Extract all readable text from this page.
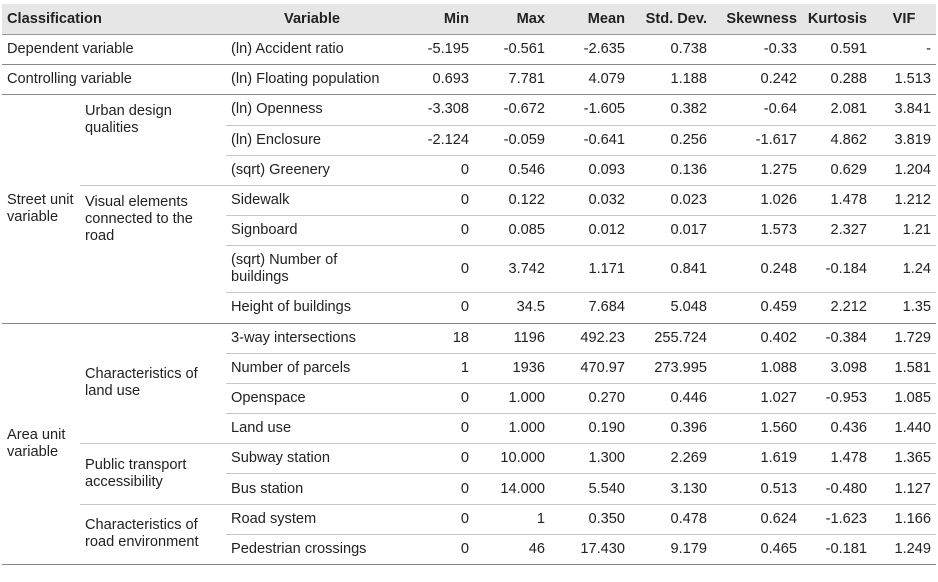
Classification		Variable	Min	Max	Mean	Std. Dev.	Skewness	Kurtosis	VIF
Dependent variable		(ln) Accident ratio	-5.195	-0.561	-2.635	0.738	-0.33	0.591	-
Controlling variable		(ln) Floating population	0.693	7.781	4.079	1.188	0.242	0.288	1.513
Street unit variable	Urban design qualities	(ln) Openness	-3.308	-0.672	-1.605	0.382	-0.64	2.081	3.841
		(ln) Enclosure	-2.124	-0.059	-0.641	0.256	-1.617	4.862	3.819
		(sqrt) Greenery	0	0.546	0.093	0.136	1.275	0.629	1.204
	Visual elements connected to the road	Sidewalk	0	0.122	0.032	0.023	1.026	1.478	1.212
		Signboard	0	0.085	0.012	0.017	1.573	2.327	1.21
		(sqrt) Number of buildings	0	3.742	1.171	0.841	0.248	-0.184	1.24
		Height of buildings	0	34.5	7.684	5.048	0.459	2.212	1.35
Area unit variable	Characteristics of land use	3-way intersections	18	1196	492.23	255.724	0.402	-0.384	1.729
		Number of parcels	1	1936	470.97	273.995	1.088	3.098	1.581
		Openspace	0	1.000	0.270	0.446	1.027	-0.953	1.085
		Land use	0	1.000	0.190	0.396	1.560	0.436	1.440
	Public transport accessibility	Subway station	0	10.000	1.300	2.269	1.619	1.478	1.365
		Bus station	0	14.000	5.540	3.130	0.513	-0.480	1.127
	Characteristics of road environment	Road system	0	1	0.350	0.478	0.624	-1.623	1.166
		Pedestrian crossings	0	46	17.430	9.179	0.465	-0.181	1.249
